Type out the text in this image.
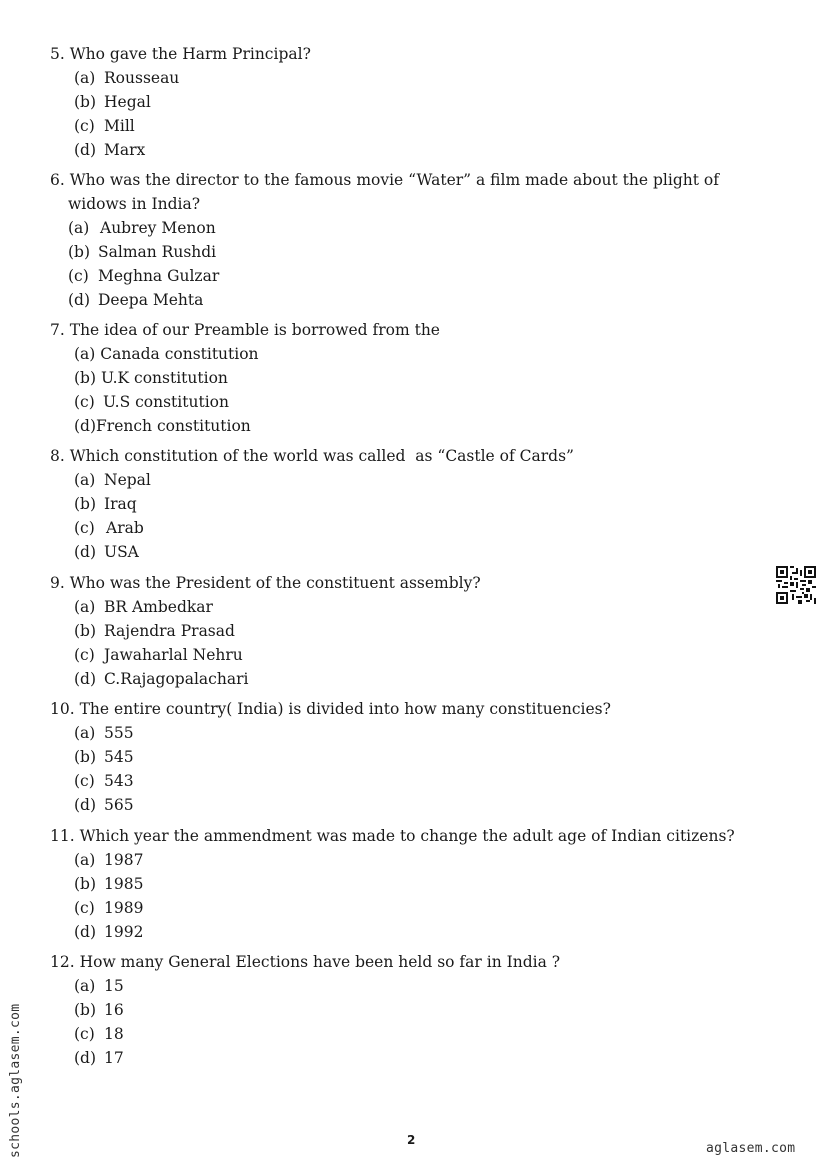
5. Who gave the Harm Principal?

(a) Rousseau
(b) Hegal
(c) Mill
(d) Marx

6. Who was the director to the famous movie “Water” a film made about the plight of widows in India?

(a) Aubrey Menon
(b) Salman Rushdi
(c) Meghna Gulzar
(d) Deepa Mehta

7. The idea of our Preamble is borrowed from the

(a) Canada constitution
(b) U.K constitution
(c) U.S constitution
(d)French constitution

8. Which constitution of the world was called  as “Castle of Cards”

(a) Nepal
(b) Iraq
(c) Arab
(d) USA

9. Who was the President of the constituent assembly?

(a) BR Ambedkar
(b) Rajendra Prasad
(c) Jawaharlal Nehru
(d) C.Rajagopalachari

10. The entire country( India) is divided into how many constituencies?

(a) 555
(b) 545
(c) 543
(d) 565

11. Which year the ammendment was made to change the adult age of Indian citizens?

(a) 1987
(b) 1985
(c) 1989
(d) 1992

12. How many General Elections have been held so far in India ?

(a) 15
(b) 16
(c) 18
(d) 17
2
schools.aglasem.com	aglasem.com
